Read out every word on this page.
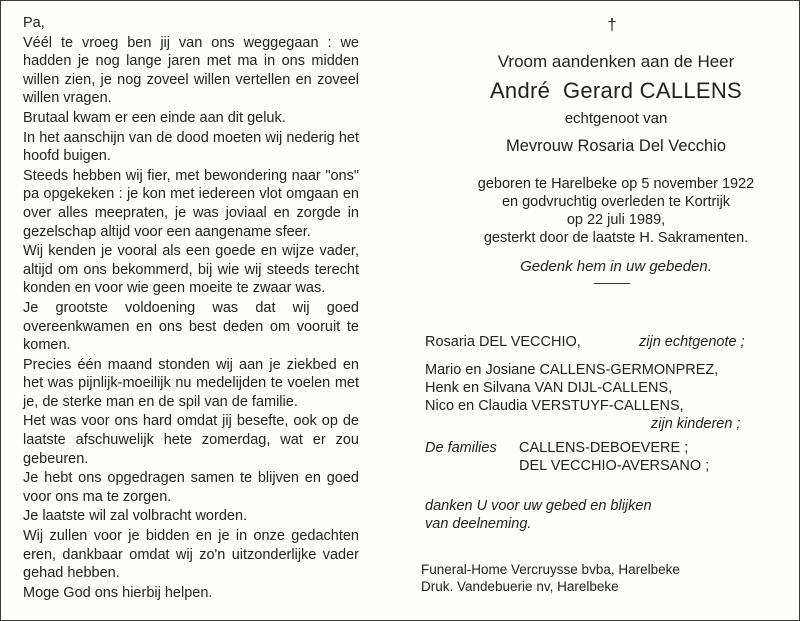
Pa,

Véél te vroeg ben jij van ons weggegaan : we hadden je nog lange jaren met ma in ons midden willen zien, je nog zoveel willen vertellen en zoveel willen vragen.

Brutaal kwam er een einde aan dit geluk.

In het aanschijn van de dood moeten wij nederig het hoofd buigen.

Steeds hebben wij fier, met bewondering naar "ons" pa opgekeken : je kon met iedereen vlot omgaan en over alles meepraten, je was joviaal en zorgde in gezelschap altijd voor een aangename sfeer.

Wij kenden je vooral als een goede en wijze vader, altijd om ons bekommerd, bij wie wij steeds terecht konden en voor wie geen moeite te zwaar was.

Je grootste voldoening was dat wij goed overeenkwamen en ons best deden om vooruit te komen.

Precies één maand stonden wij aan je ziekbed en het was pijnlijk-moeilijk nu medelijden te voelen met je, de sterke man en de spil van de familie.

Het was voor ons hard omdat jij besefte, ook op de laatste afschuwelijk hete zomerdag, wat er zou gebeuren.

Je hebt ons opgedragen samen te blijven en goed voor ons ma te zorgen.

Je laatste wil zal volbracht worden.

Wij zullen voor je bidden en je in onze gedachten eren, dankbaar omdat wij zo'n uitzonderlijke vader gehad hebben.

Moge God ons hierbij helpen.

†
Vroom aandenken aan de Heer
André  Gerard CALLENS
echtgenoot van
Mevrouw Rosaria Del Vecchio
geboren te Harelbeke op 5 november 1922
en godvruchtig overleden te Kortrijk
op 22 juli 1989,
gesterkt door de laatste H. Sakramenten.
Gedenk hem in uw gebeden.
Rosaria DEL VECCHIO,	zijn echtgenote ;
Mario en Josiane CALLENS-GERMONPREZ,
Henk en Silvana VAN DIJL-CALLENS,
Nico en Claudia VERSTUYF-CALLENS,
zijn kinderen ;
De families CALLENS-DEBOEVERE ;
DEL VECCHIO-AVERSANO ;
danken U voor uw gebed en blijken
van deelneming.
Funeral-Home Vercruysse bvba, Harelbeke
Druk. Vandebuerie nv, Harelbeke
